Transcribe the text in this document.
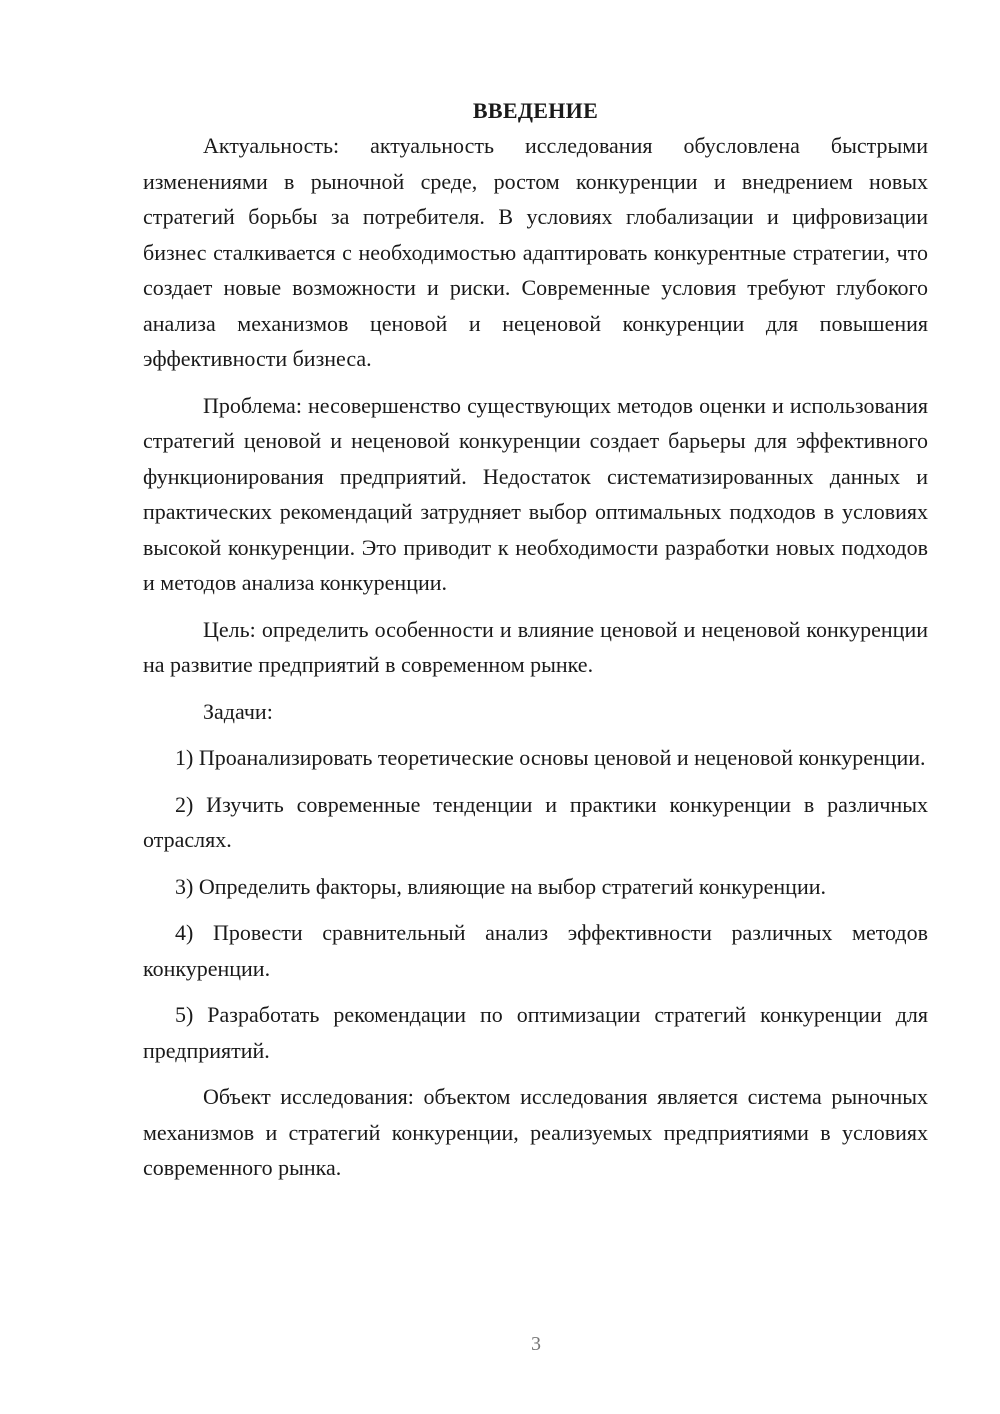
ВВЕДЕНИЕ

Актуальность: актуальность исследования обусловлена быстрыми изменениями в рыночной среде, ростом конкуренции и внедрением новых стратегий борьбы за потребителя. В условиях глобализации и цифровизации бизнес сталкивается с необходимостью адаптировать конкурентные стратегии, что создает новые возможности и риски. Современные условия требуют глубокого анализа механизмов ценовой и неценовой конкуренции для повышения эффективности бизнеса.

Проблема: несовершенство существующих методов оценки и использования стратегий ценовой и неценовой конкуренции создает барьеры для эффективного функционирования предприятий. Недостаток систематизированных данных и практических рекомендаций затрудняет выбор оптимальных подходов в условиях высокой конкуренции. Это приводит к необходимости разработки новых подходов и методов анализа конкуренции.

Цель: определить особенности и влияние ценовой и неценовой конкуренции на развитие предприятий в современном рынке.

Задачи:

1) Проанализировать теоретические основы ценовой и неценовой конкуренции.

2) Изучить современные тенденции и практики конкуренции в различных отраслях.

3) Определить факторы, влияющие на выбор стратегий конкуренции.

4) Провести сравнительный анализ эффективности различных методов конкуренции.

5) Разработать рекомендации по оптимизации стратегий конкуренции для предприятий.

Объект исследования: объектом исследования является система рыночных механизмов и стратегий конкуренции, реализуемых предприятиями в условиях современного рынка.

3
